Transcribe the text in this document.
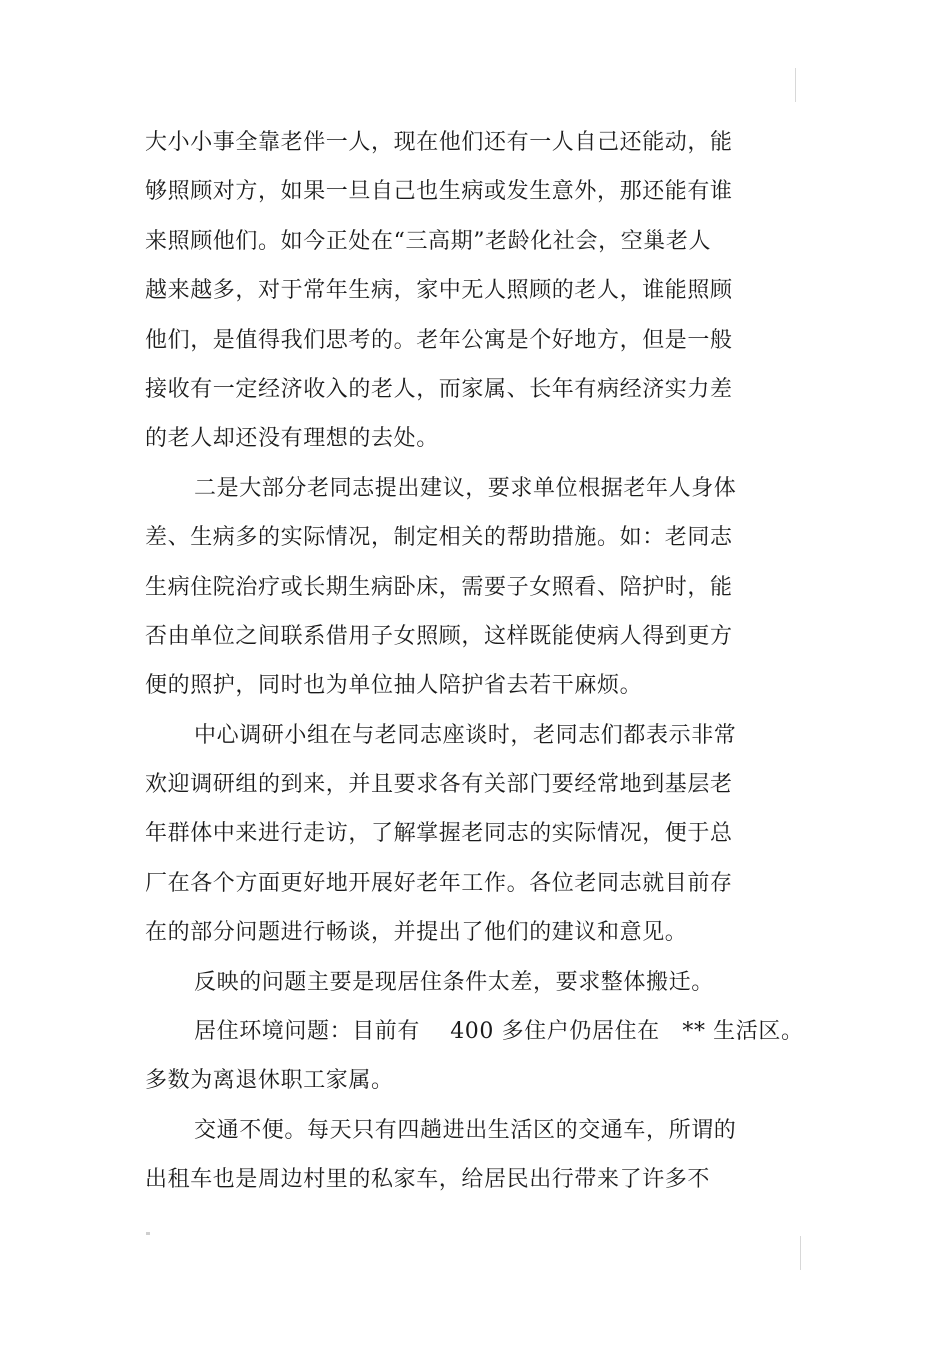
大小小事全靠老伴一人，现在他们还有一人自己还能动，能
够照顾对方，如果一旦自己也生病或发生意外，那还能有谁
来照顾他们。如今正处在“三高期”老龄化社会，空巢老人
越来越多，对于常年生病，家中无人照顾的老人，谁能照顾
他们，是值得我们思考的。老年公寓是个好地方，但是一般
接收有一定经济收入的老人，而家属、长年有病经济实力差
的老人却还没有理想的去处。
二是大部分老同志提出建议，要求单位根据老年人身体
差、生病多的实际情况，制定相关的帮助措施。如：老同志
生病住院治疗或长期生病卧床，需要子女照看、陪护时，能
否由单位之间联系借用子女照顾，这样既能使病人得到更方
便的照护，同时也为单位抽人陪护省去若干麻烦。
中心调研小组在与老同志座谈时，老同志们都表示非常
欢迎调研组的到来，并且要求各有关部门要经常地到基层老
年群体中来进行走访，了解掌握老同志的实际情况，便于总
厂在各个方面更好地开展好老年工作。各位老同志就目前存
在的部分问题进行畅谈，并提出了他们的建议和意见。
反映的问题主要是现居住条件太差，要求整体搬迁。
居住环境问题：目前有　 400 多住户仍居住在　** 生活区。
多数为离退休职工家属。
交通不便。每天只有四趟进出生活区的交通车，所谓的
出租车也是周边村里的私家车，给居民出行带来了许多不
